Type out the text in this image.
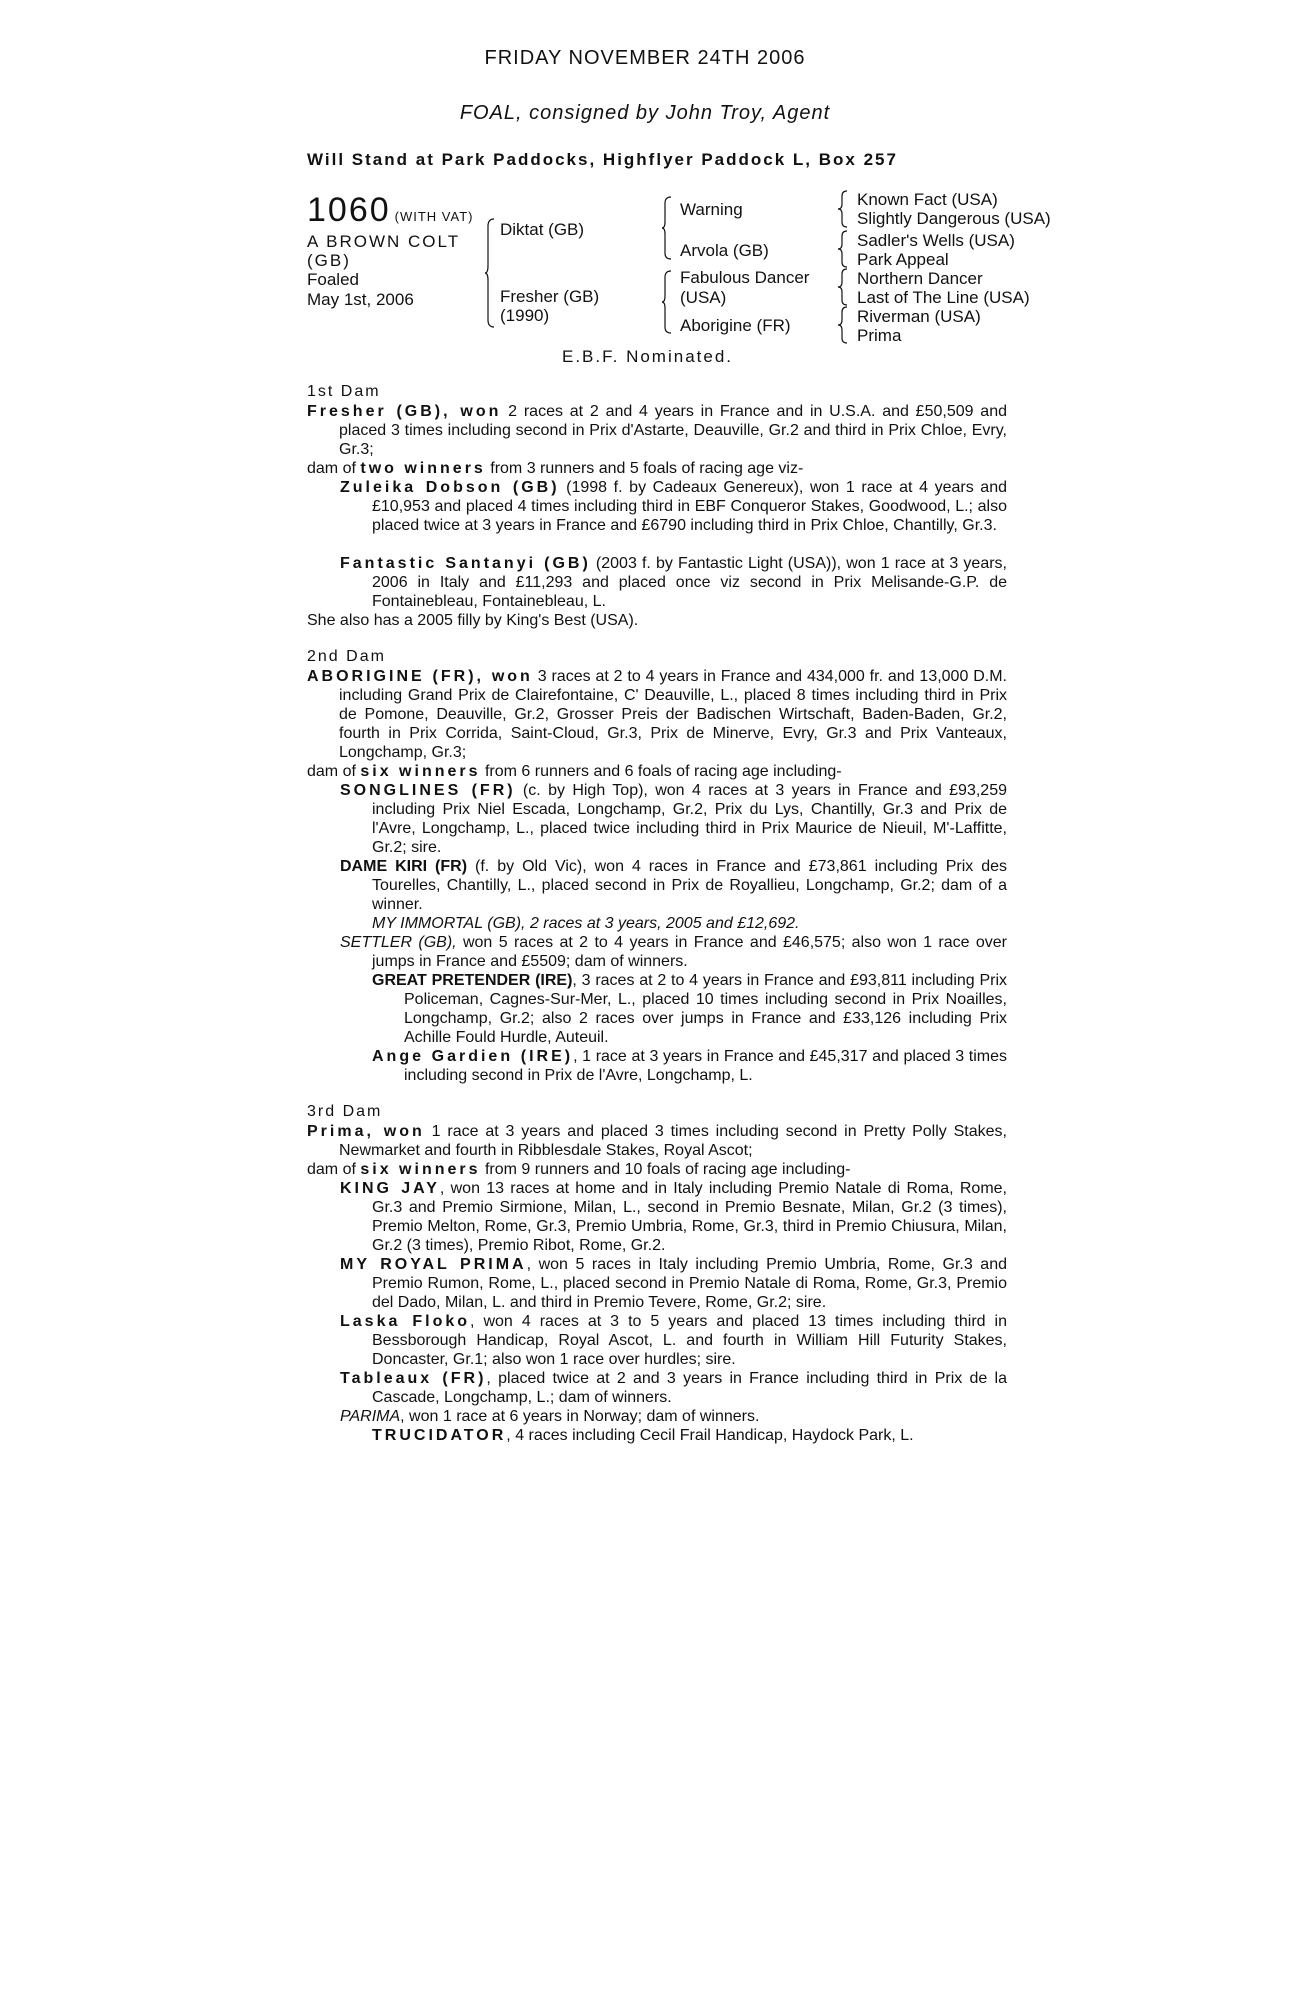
FRIDAY NOVEMBER 24TH 2006
FOAL, consigned by John Troy, Agent
Will Stand at Park Paddocks, Highflyer Paddock L, Box 257
1060 (WITH VAT)
A BROWN COLT
(GB)
Foaled
May 1st, 2006
Diktat (GB)
Fresher (GB)
(1990)
Warning
Arvola (GB)
Fabulous Dancer
(USA)
Aborigine (FR)
Known Fact (USA)
Slightly Dangerous (USA)
Sadler's Wells (USA)
Park Appeal
Northern Dancer
Last of The Line (USA)
Riverman (USA)
Prima
E.B.F. Nominated.
1st Dam
Fresher (GB), won 2 races at 2 and 4 years in France and in U.S.A. and £50,509 and placed 3 times including second in Prix d'Astarte, Deauville, Gr.2 and third in Prix Chloe, Evry, Gr.3;
dam of two winners from 3 runners and 5 foals of racing age viz-
Zuleika Dobson (GB) (1998 f. by Cadeaux Genereux), won 1 race at 4 years and £10,953 and placed 4 times including third in EBF Conqueror Stakes, Goodwood, L.; also placed twice at 3 years in France and £6790 including third in Prix Chloe, Chantilly, Gr.3.
Fantastic Santanyi (GB) (2003 f. by Fantastic Light (USA)), won 1 race at 3 years, 2006 in Italy and £11,293 and placed once viz second in Prix Melisande-G.P. de Fontainebleau, Fontainebleau, L.
She also has a 2005 filly by King's Best (USA).
2nd Dam
ABORIGINE (FR), won 3 races at 2 to 4 years in France and 434,000 fr. and 13,000 D.M. including Grand Prix de Clairefontaine, C' Deauville, L., placed 8 times including third in Prix de Pomone, Deauville, Gr.2, Grosser Preis der Badischen Wirtschaft, Baden-Baden, Gr.2, fourth in Prix Corrida, Saint-Cloud, Gr.3, Prix de Minerve, Evry, Gr.3 and Prix Vanteaux, Longchamp, Gr.3;
dam of six winners from 6 runners and 6 foals of racing age including-
SONGLINES (FR) (c. by High Top), won 4 races at 3 years in France and £93,259 including Prix Niel Escada, Longchamp, Gr.2, Prix du Lys, Chantilly, Gr.3 and Prix de l'Avre, Longchamp, L., placed twice including third in Prix Maurice de Nieuil, M'-Laffitte, Gr.2; sire.
DAME KIRI (FR) (f. by Old Vic), won 4 races in France and £73,861 including Prix des Tourelles, Chantilly, L., placed second in Prix de Royallieu, Longchamp, Gr.2; dam of a winner.
MY IMMORTAL (GB), 2 races at 3 years, 2005 and £12,692.
SETTLER (GB), won 5 races at 2 to 4 years in France and £46,575; also won 1 race over jumps in France and £5509; dam of winners.
GREAT PRETENDER (IRE), 3 races at 2 to 4 years in France and £93,811 including Prix Policeman, Cagnes-Sur-Mer, L., placed 10 times including second in Prix Noailles, Longchamp, Gr.2; also 2 races over jumps in France and £33,126 including Prix Achille Fould Hurdle, Auteuil.
Ange Gardien (IRE), 1 race at 3 years in France and £45,317 and placed 3 times including second in Prix de l'Avre, Longchamp, L.
3rd Dam
Prima, won 1 race at 3 years and placed 3 times including second in Pretty Polly Stakes, Newmarket and fourth in Ribblesdale Stakes, Royal Ascot;
dam of six winners from 9 runners and 10 foals of racing age including-
KING JAY, won 13 races at home and in Italy including Premio Natale di Roma, Rome, Gr.3 and Premio Sirmione, Milan, L., second in Premio Besnate, Milan, Gr.2 (3 times), Premio Melton, Rome, Gr.3, Premio Umbria, Rome, Gr.3, third in Premio Chiusura, Milan, Gr.2 (3 times), Premio Ribot, Rome, Gr.2.
MY ROYAL PRIMA, won 5 races in Italy including Premio Umbria, Rome, Gr.3 and Premio Rumon, Rome, L., placed second in Premio Natale di Roma, Rome, Gr.3, Premio del Dado, Milan, L. and third in Premio Tevere, Rome, Gr.2; sire.
Laska Floko, won 4 races at 3 to 5 years and placed 13 times including third in Bessborough Handicap, Royal Ascot, L. and fourth in William Hill Futurity Stakes, Doncaster, Gr.1; also won 1 race over hurdles; sire.
Tableaux (FR), placed twice at 2 and 3 years in France including third in Prix de la Cascade, Longchamp, L.; dam of winners.
PARIMA, won 1 race at 6 years in Norway; dam of winners.
TRUCIDATOR, 4 races including Cecil Frail Handicap, Haydock Park, L.
